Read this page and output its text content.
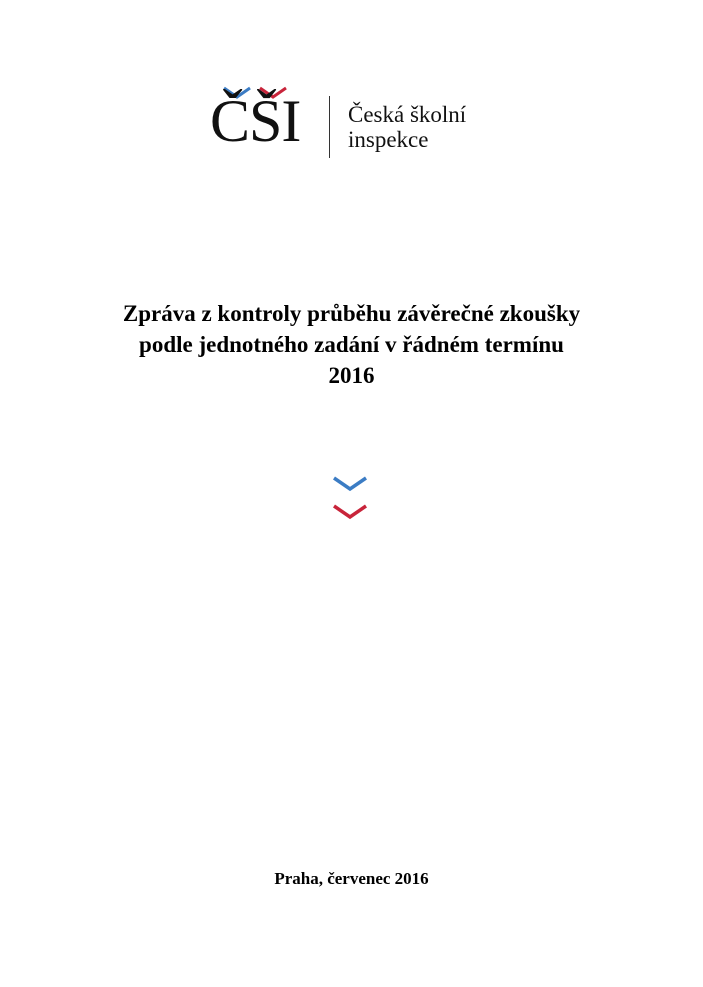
ČŠI Česká školní
inspekce
Zpráva z kontroly průběhu závěrečné zkoušky
podle jednotného zadání v řádném termínu
2016
Praha, červenec 2016
